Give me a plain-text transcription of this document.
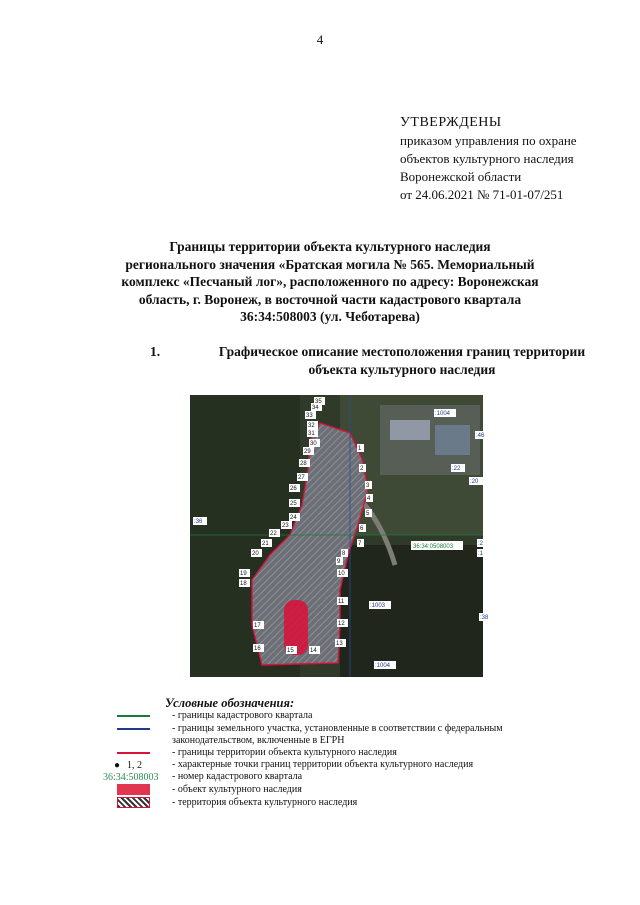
4
УТВЕРЖДЕНЫ
приказом управления по охране
объектов культурного наследия
Воронежской области
от 24.06.2021 № 71-01-07/251
Границы территории объекта культурного наследия
регионального значения «Братская могила № 565. Мемориальный
комплекс «Песчаный лог», расположенного по адресу: Воронежская
область, г. Воронеж, в восточной части кадастрового квартала
36:34:508003 (ул. Чеботарева)
1.	Графическое описание местоположения границ территории
объекта культурного наследия
:1004
:1003
:1004
:22
:20
:36
:46
:38
:2
:1
1
2
3
4
5
6
7
8
9
10
11
12
13
14
15
16
17
18
19
20
21
22
23
24
25
26
27
28
29
30
31
32
33
34
35
36:34:0508003
Условные обозначения:
- границы кадастрового квартала
- границы земельного участка, установленные в соответствии с федеральным
законодательством, включенные в ЕГРН
- границы территории объекта культурного наследия
● 1, 2	- характерные точки границ территории объекта культурного наследия
36:34:508003 - номер кадастрового квартала
- объект культурного наследия
- территория объекта культурного наследия
